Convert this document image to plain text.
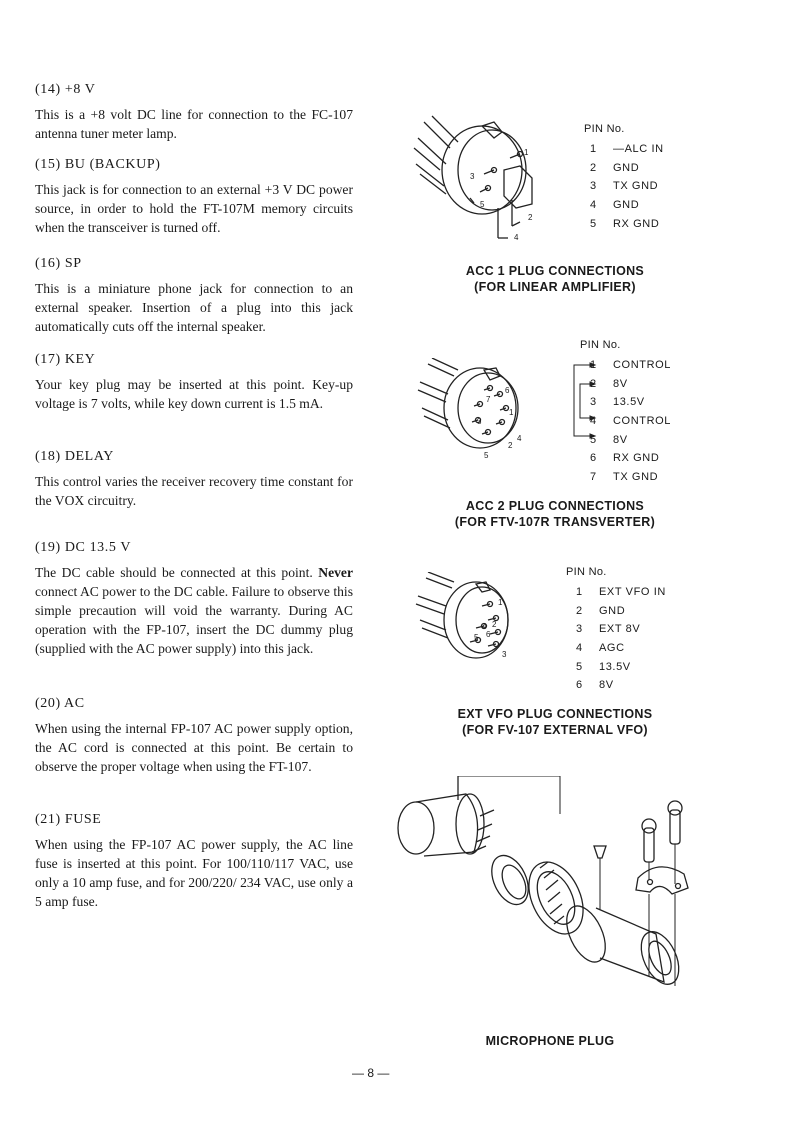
(14) +8 V

This is a +8 volt DC line for connection to the FC-107 antenna tuner meter lamp.

(15) BU (BACKUP)

This jack is for connection to an external +3 V DC power source, in order to hold the FT-107M memory circuits when the transceiver is turned off.

(16) SP

This is a miniature phone jack for connection to an external speaker. Insertion of a plug into this jack automatically cuts off the internal speaker.

(17) KEY

Your key plug may be inserted at this point. Key-up voltage is 7 volts, while key down current is 1.5 mA.

(18) DELAY

This control varies the receiver recovery time constant for the VOX circuitry.

(19) DC 13.5 V

The DC cable should be connected at this point. Never connect AC power to the DC cable. Failure to observe this simple precaution will void the warranty. During AC operation with the FP-107, insert the DC dummy plug (supplied with the AC power supply) into this jack.

(20) AC

When using the internal FP-107 AC power supply option, the AC cord is connected at this point. Be certain to observe the proper voltage when using the FT-107.

(21) FUSE

When using the FP-107 AC power supply, the AC line fuse is inserted at this point. For 100/110/117 VAC, use only a 10 amp fuse, and for 200/220/ 234 VAC, use only a 5 amp fuse.

1
2
3
4
5
PIN No.
1	—ALC IN
2	GND
3	TX GND
4	GND
5	RX GND
ACC 1 PLUG CONNECTIONS
(FOR LINEAR AMPLIFIER)
1
2
3
4
5
6
7
PIN No.
1	CONTROL
2	8V
3	13.5V
4	CONTROL
5	8V
6	RX GND
7	TX GND
ACC 2 PLUG CONNECTIONS
(FOR FTV-107R TRANSVERTER)
1
2
3
4
5 6
PIN No.
1	EXT VFO IN
2	GND
3	EXT 8V
4	AGC
5	13.5V
6	8V
EXT VFO PLUG CONNECTIONS
(FOR FV-107 EXTERNAL VFO)
MICROPHONE PLUG
— 8 —
